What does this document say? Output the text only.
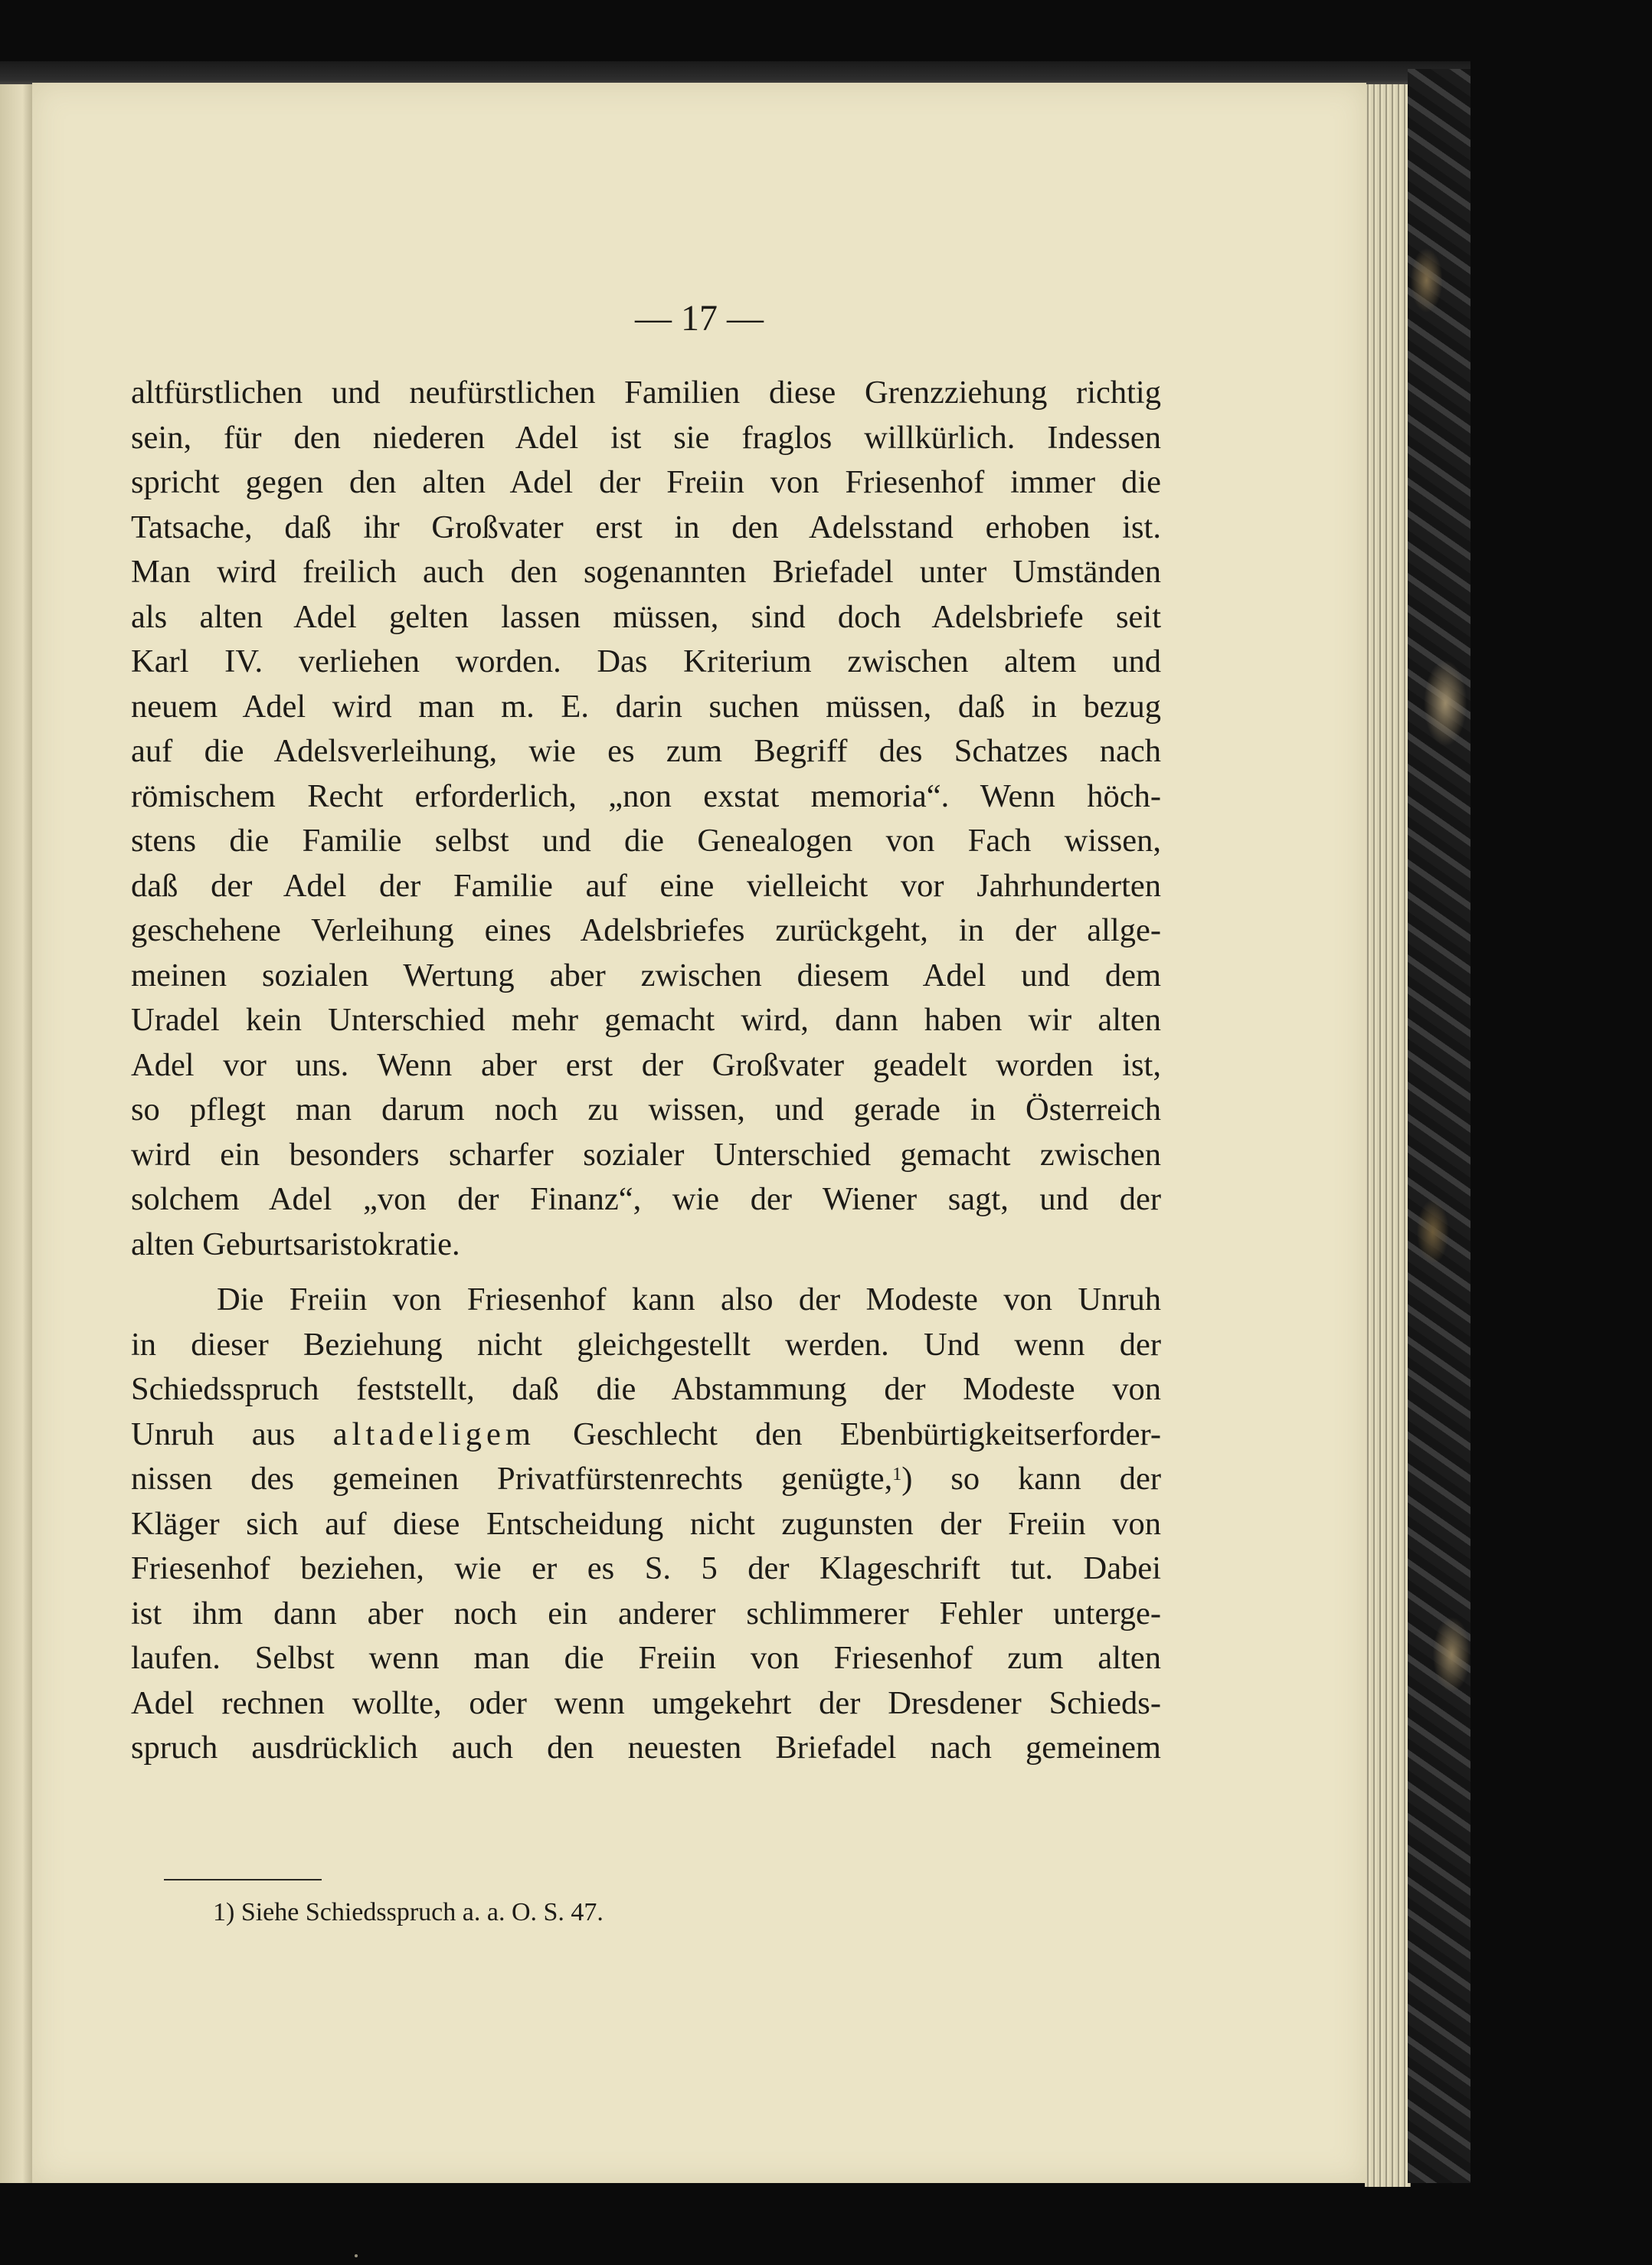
— 17 —

altfürstlichen und neufürstlichen Familien diese Grenzziehung richtig
sein, für den niederen Adel ist sie fraglos willkürlich. Indessen
spricht gegen den alten Adel der Freiin von Friesenhof immer die
Tatsache, daß ihr Großvater erst in den Adelsstand erhoben ist.
Man wird freilich auch den sogenannten Briefadel unter Umständen
als alten Adel gelten lassen müssen, sind doch Adelsbriefe seit
Karl IV. verliehen worden. Das Kriterium zwischen altem und
neuem Adel wird man m. E. darin suchen müssen, daß in bezug
auf die Adelsverleihung, wie es zum Begriff des Schatzes nach
römischem Recht erforderlich, „non exstat memoria“. Wenn höch-
stens die Familie selbst und die Genealogen von Fach wissen,
daß der Adel der Familie auf eine vielleicht vor Jahrhunderten
geschehene Verleihung eines Adelsbriefes zurückgeht, in der allge-
meinen sozialen Wertung aber zwischen diesem Adel und dem
Uradel kein Unterschied mehr gemacht wird, dann haben wir alten
Adel vor uns. Wenn aber erst der Großvater geadelt worden ist,
so pflegt man darum noch zu wissen, und gerade in Österreich
wird ein besonders scharfer sozialer Unterschied gemacht zwischen
solchem Adel „von der Finanz“, wie der Wiener sagt, und der
alten Geburtsaristokratie.
Die Freiin von Friesenhof kann also der Modeste von Unruh
in dieser Beziehung nicht gleichgestellt werden. Und wenn der
Schiedsspruch feststellt, daß die Abstammung der Modeste von
Unruh aus altadeligem Geschlecht den Ebenbürtigkeitserforder-
nissen des gemeinen Privatfürstenrechts genügte,$^1$) so kann der
Kläger sich auf diese Entscheidung nicht zugunsten der Freiin von
Friesenhof beziehen, wie er es S. 5 der Klageschrift tut. Dabei
ist ihm dann aber noch ein anderer schlimmerer Fehler unterge-
laufen. Selbst wenn man die Freiin von Friesenhof zum alten
Adel rechnen wollte, oder wenn umgekehrt der Dresdener Schieds-
spruch ausdrücklich auch den neuesten Briefadel nach gemeinem

1) Siehe Schiedsspruch a. a. O. S. 47.
